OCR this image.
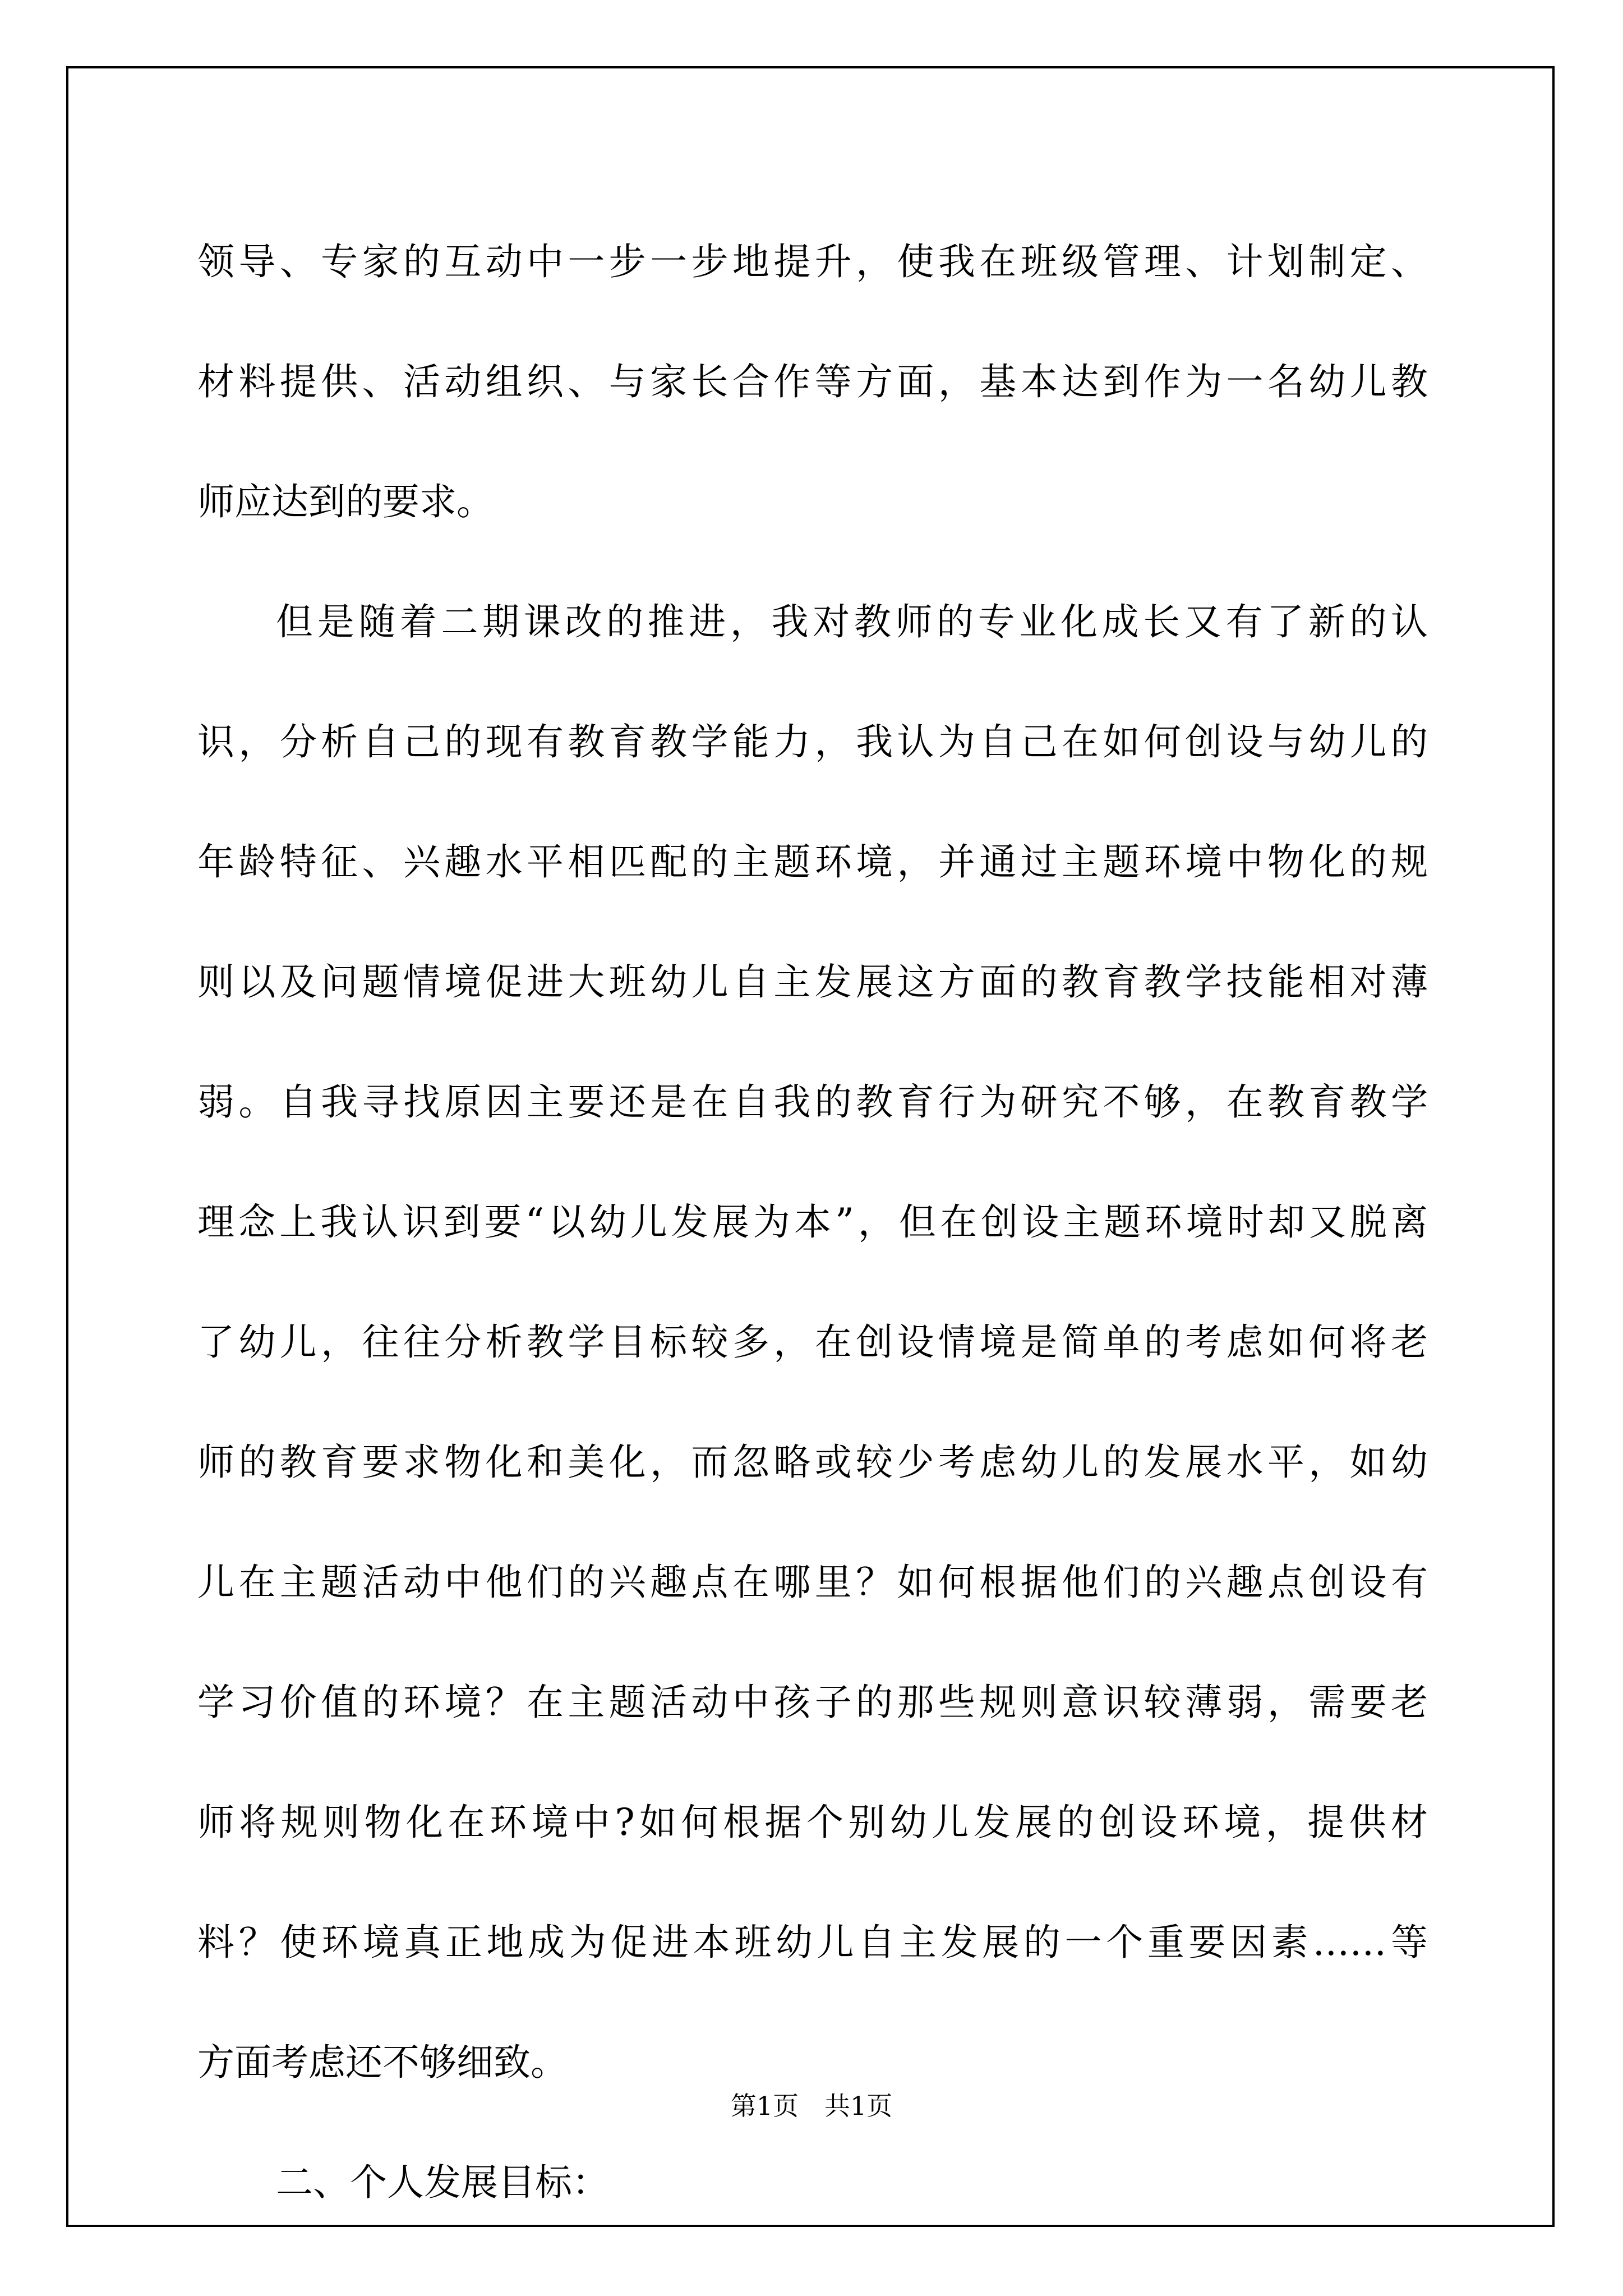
领导、专家的互动中一步一步地提升，使我在班级管理、计划制定、
材料提供、活动组织、与家长合作等方面，基本达到作为一名幼儿教
师应达到的要求。
但是随着二期课改的推进，我对教师的专业化成长又有了新的认
识，分析自己的现有教育教学能力，我认为自己在如何创设与幼儿的
年龄特征、兴趣水平相匹配的主题环境，并通过主题环境中物化的规
则以及问题情境促进大班幼儿自主发展这方面的教育教学技能相对薄
弱。自我寻找原因主要还是在自我的教育行为研究不够，在教育教学
理念上我认识到要“以幼儿发展为本”，但在创设主题环境时却又脱离
了幼儿，往往分析教学目标较多，在创设情境是简单的考虑如何将老
师的教育要求物化和美化，而忽略或较少考虑幼儿的发展水平，如幼
儿在主题活动中他们的兴趣点在哪里？如何根据他们的兴趣点创设有
学习价值的环境？在主题活动中孩子的那些规则意识较薄弱，需要老
师将规则物化在环境中?如何根据个别幼儿发展的创设环境，提供材
料？使环境真正地成为促进本班幼儿自主发展的一个重要因素……等
方面考虑还不够细致。
二、个人发展目标：
第1页　共1页
